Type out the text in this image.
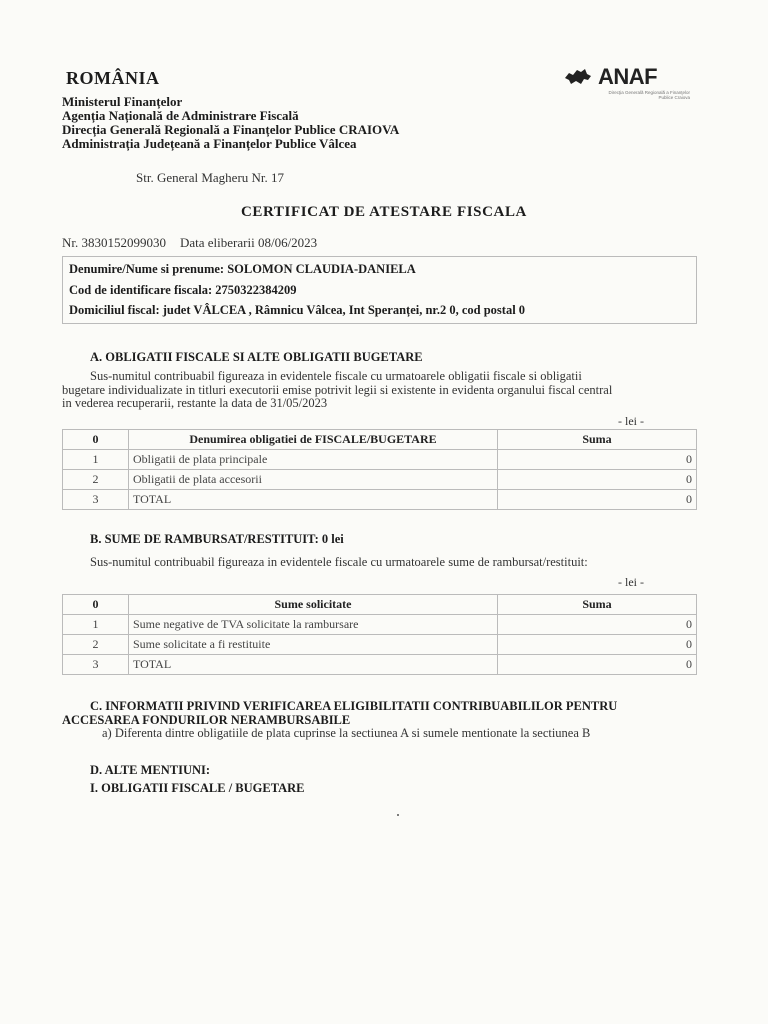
ROMÂNIA
Ministerul Finanțelor
Agenția Națională de Administrare Fiscală
Direcția Generală Regională a Finanțelor Publice CRAIOVA
Administrația Județeană a Finanțelor Publice Vâlcea
ANAF
Direcţia Generală Regională a Finanţelor Publice Craiova
Str. General Magheru Nr. 17
CERTIFICAT DE ATESTARE FISCALA
Nr. 3830152099030 Data eliberarii 08/06/2023
Denumire/Nume si prenume: SOLOMON CLAUDIA-DANIELA
Cod de identificare fiscala: 2750322384209
Domiciliul fiscal: judet VÂLCEA , Râmnicu Vâlcea, Int Speranței, nr.2 0, cod postal 0
A. OBLIGATII FISCALE SI ALTE OBLIGATII BUGETARE
Sus-numitul contribuabil figureaza in evidentele fiscale cu urmatoarele obligatii fiscale si obligatii
bugetare individualizate in titluri executorii emise potrivit legii si existente in evidenta organului fiscal central
in vederea recuperarii, restante la data de 31/05/2023
- lei -
0	Denumirea obligatiei de FISCALE/BUGETARE	Suma
1	Obligatii de plata principale	0
2	Obligatii de plata accesorii	0
3	TOTAL	0
B. SUME DE RAMBURSAT/RESTITUIT: 0 lei
Sus-numitul contribuabil figureaza in evidentele fiscale cu urmatoarele sume de rambursat/restituit:
- lei -
0	Sume solicitate	Suma
1	Sume negative de TVA solicitate la rambursare	0
2	Sume solicitate a fi restituite	0
3	TOTAL	0
C. INFORMATII PRIVIND VERIFICAREA ELIGIBILITATII CONTRIBUABILILOR PENTRU
ACCESAREA FONDURILOR NERAMBURSABILE
a) Diferenta dintre obligatiile de plata cuprinse la sectiunea A si sumele mentionate la sectiunea B
D. ALTE MENTIUNI:
I. OBLIGATII FISCALE / BUGETARE
